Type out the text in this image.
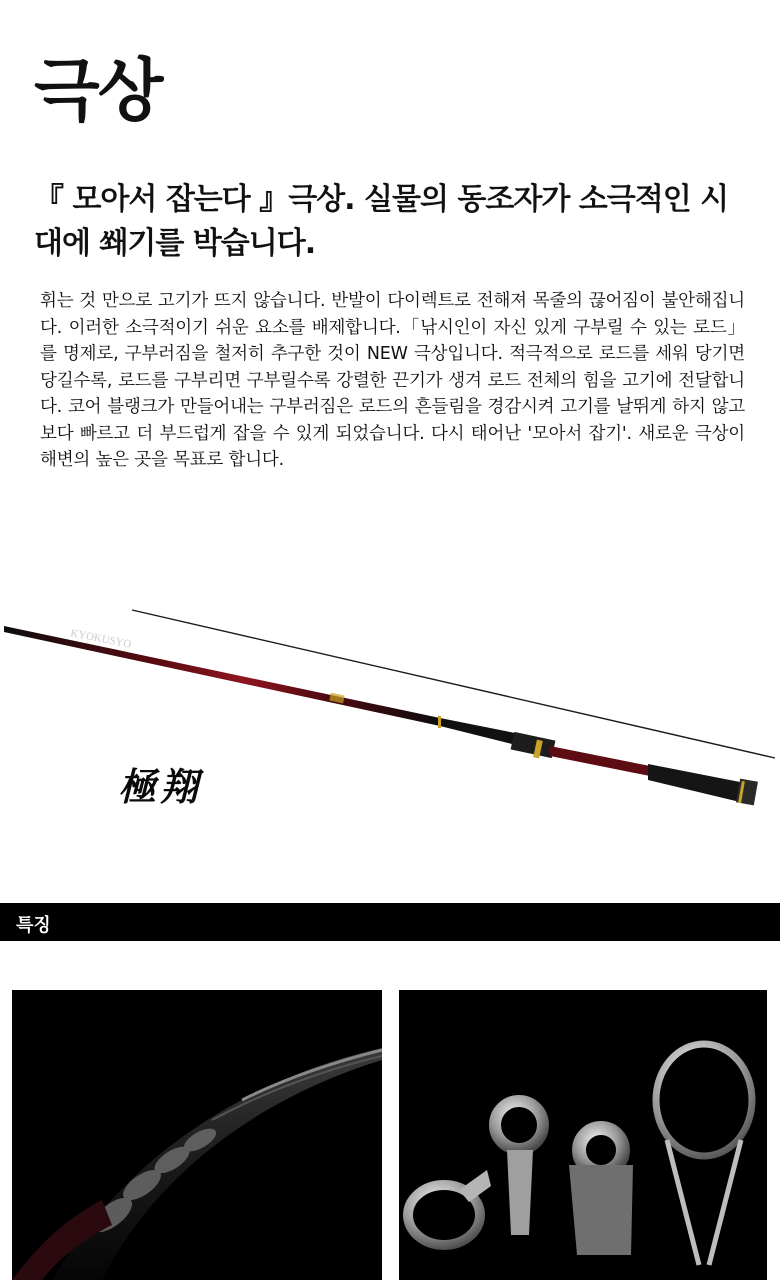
극상

『 모아서 잡는다 』극상. 실물의 동조자가 소극적인 시대에 쐐기를 박습니다.

휘는 것 만으로 고기가 뜨지 않습니다. 반발이 다이렉트로 전해져 목줄의 끊어짐이 불안해집니다. 이러한 소극적이기 쉬운 요소를 배제합니다.「낚시인이 자신 있게 구부릴 수 있는 로드」를 명제로, 구부러짐을 철저히 추구한 것이 NEW 극상입니다. 적극적으로 로드를 세워 당기면 당길수록, 로드를 구부리면 구부릴수록 강렬한 끈기가 생겨 로드 전체의 힘을 고기에 전달합니다. 코어 블랭크가 만들어내는 구부러짐은 로드의 흔들림을 경감시켜 고기를 날뛰게 하지 않고 보다 빠르고 더 부드럽게 잡을 수 있게 되었습니다. 다시 태어난 '모아서 잡기'. 새로운 극상이 해변의 높은 곳을 목표로 합니다.

KYOKUSYO
極翔
특징
